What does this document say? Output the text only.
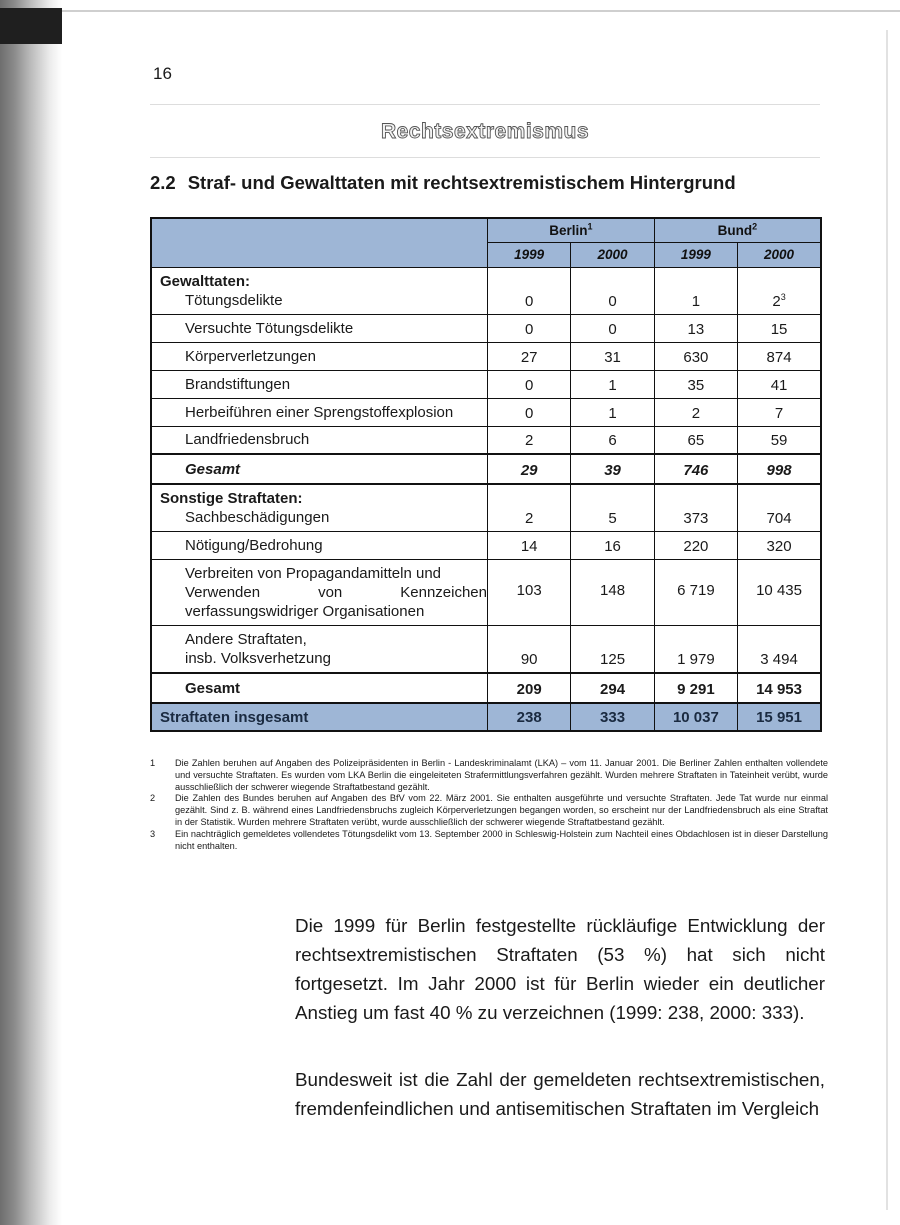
16
Rechtsextremismus
2.2 Straf- und Gewalttaten mit rechtsextremistischem Hintergrund
	Berlin$^1$		Bund$^2$
	1999	2000	1999	2000

Gewalttaten:
Tötungsdelikte	0	0	1	$2^3$
Versuchte Tötungsdelikte	0	0	13	15
Körperverletzungen	27	31	630	874
Brandstiftungen	0	1	35	41
Herbeiführen einer Sprengstoffexplosion	0	1	2	7
Landfriedensbruch	2	6	65	59
Gesamt	29	39	746	998

Sonstige Straftaten:
Sachbeschädigungen	2	5	373	704
Nötigung/Bedrohung	14	16	220	320

Verbreiten von Propagandamitteln und
Verwenden von Kennzeichen
verfassungswidriger Organisationen	103	148	6 719	10 435

Andere Straftaten,
insb. Volksverhetzung	90	125	1 979	3 494
Gesamt	209	294	9 291	14 953
Straftaten insgesamt	238	333	10 037	15 951
1	Die Zahlen beruhen auf Angaben des Polizeipräsidenten in Berlin - Landeskriminalamt (LKA) – vom 11. Januar 2001. Die Berliner Zahlen enthalten vollendete und versuchte Straftaten. Es wurden vom LKA Berlin die eingeleiteten Strafermittlungsverfahren gezählt. Wurden mehrere Straftaten in Tateinheit verübt, wurde ausschließlich der schwerer wiegende Straftatbestand gezählt.
2	Die Zahlen des Bundes beruhen auf Angaben des BfV vom 22. März 2001. Sie enthalten ausgeführte und versuchte Straftaten. Jede Tat wurde nur einmal gezählt. Sind z. B. während eines Landfriedensbruchs zugleich Körperverletzungen begangen worden, so erscheint nur der Landfriedensbruch als eine Straftat in der Statistik. Wurden mehrere Straftaten verübt, wurde ausschließlich der schwerer wiegende Straftatbestand gezählt.
3	Ein nachträglich gemeldetes vollendetes Tötungsdelikt vom 13. September 2000 in Schleswig-Holstein zum Nachteil eines Obdachlosen ist in dieser Darstellung nicht enthalten.

Die 1999 für Berlin festgestellte rückläufige Entwicklung der rechtsextremistischen Straftaten (53 %) hat sich nicht fortgesetzt. Im Jahr 2000 ist für Berlin wieder ein deutlicher Anstieg um fast 40 % zu verzeichnen (1999: 238, 2000: 333).

Bundesweit ist die Zahl der gemeldeten rechtsextremistischen, fremdenfeindlichen und antisemitischen Straftaten im Vergleich
